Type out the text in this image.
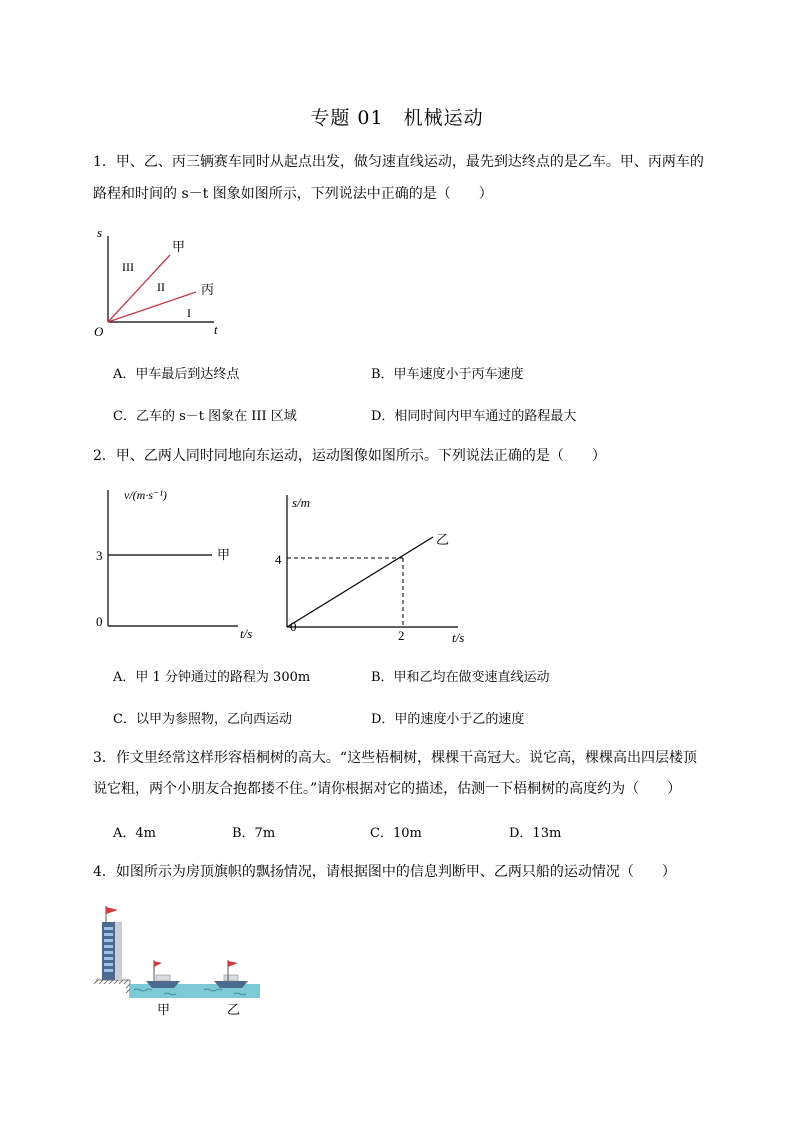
专题 01　机械运动
1．甲、乙、丙三辆赛车同时从起点出发，做匀速直线运动，最先到达终点的是乙车。甲、丙两车的
路程和时间的 s－t 图象如图所示，下列说法中正确的是（　　）
s
t
O
甲
丙
III
II
I
A．甲车最后到达终点	B．甲车速度小于丙车速度
C．乙车的 s－t 图象在 III 区域	D．相同时间内甲车通过的路程最大
2．甲、乙两人同时同地向东运动，运动图像如图所示。下列说法正确的是（　　）
v/(m·s⁻¹)
t/s
3
0
甲
s/m
t/s
4
2
0
乙
A．甲 1 分钟通过的路程为 300m	B．甲和乙均在做变速直线运动
C．以甲为参照物，乙向西运动	D．甲的速度小于乙的速度
3．作文里经常这样形容梧桐树的高大。“这些梧桐树，棵棵干高冠大。说它高，棵棵高出四层楼顶
说它粗，两个小朋友合抱都搂不住。”请你根据对它的描述，估测一下梧桐树的高度约为（　　）
A．4m	B．7m	C．10m	D．13m
4．如图所示为房顶旗帜的飘扬情况，请根据图中的信息判断甲、乙两只船的运动情况（　　）
甲	乙
